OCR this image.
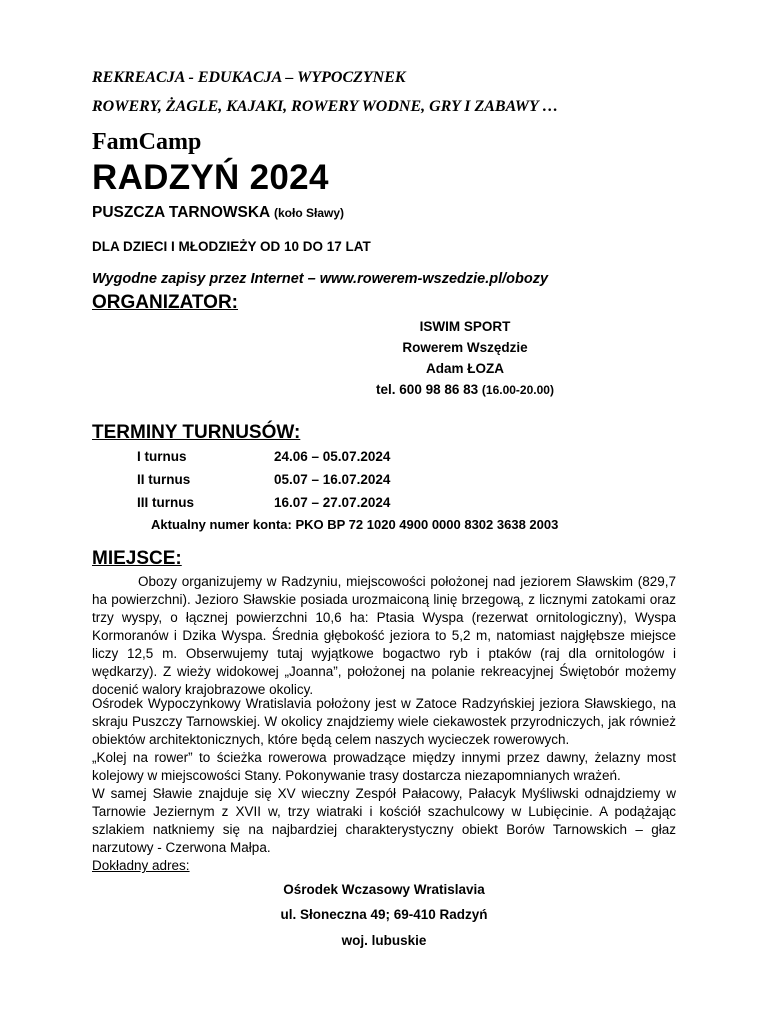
REKREACJA - EDUKACJA – WYPOCZYNEK
ROWERY, ŻAGLE, KAJAKI, ROWERY WODNE, GRY I ZABAWY …
FamCamp
RADZYŃ 2024
PUSZCZA TARNOWSKA (koło Sławy)
DLA DZIECI I MŁODZIEŻY OD 10 DO 17 LAT
Wygodne zapisy przez Internet – www.rowerem-wszedzie.pl/obozy
ORGANIZATOR:
ISWIM SPORT
Rowerem Wszędzie
Adam ŁOZA
tel. 600 98 86 83 (16.00-20.00)
TERMINY TURNUSÓW:
I turnus	24.06 – 05.07.2024
II turnus	05.07 – 16.07.2024
III turnus	16.07 – 27.07.2024
Aktualny numer konta: PKO BP 72 1020 4900 0000 8302 3638 2003
MIEJSCE:
Obozy organizujemy w Radzyniu, miejscowości położonej nad jeziorem Sławskim (829,7 ha powierzchni). Jezioro Sławskie posiada urozmaiconą linię brzegową, z licznymi zatokami oraz trzy wyspy, o łącznej powierzchni 10,6 ha: Ptasia Wyspa (rezerwat ornitologiczny), Wyspa Kormoranów i Dzika Wyspa. Średnia głębokość jeziora to 5,2 m, natomiast najgłębsze miejsce liczy 12,5 m. Obserwujemy tutaj wyjątkowe bogactwo ryb i ptaków (raj dla ornitologów i wędkarzy). Z wieży widokowej „Joanna”, położonej na polanie rekreacyjnej Świętobór możemy docenić walory krajobrazowe okolicy.
Ośrodek Wypoczynkowy Wratislavia położony jest w Zatoce Radzyńskiej jeziora Sławskiego, na skraju Puszczy Tarnowskiej. W okolicy znajdziemy wiele ciekawostek przyrodniczych, jak również obiektów architektonicznych, które będą celem naszych wycieczek rowerowych.
„Kolej na rower” to ścieżka rowerowa prowadzące między innymi przez dawny, żelazny most kolejowy w miejscowości Stany. Pokonywanie trasy dostarcza niezapomnianych wrażeń.
W samej Sławie znajduje się XV wieczny Zespół Pałacowy, Pałacyk Myśliwski odnajdziemy w Tarnowie Jeziernym z XVII w, trzy wiatraki i kościół szachulcowy w Lubięcinie. A podążając szlakiem natkniemy się na najbardziej charakterystyczny obiekt Borów Tarnowskich – głaz narzutowy - Czerwona Małpa.
Dokładny adres:
Ośrodek Wczasowy Wratislavia
ul. Słoneczna 49; 69-410 Radzyń
woj. lubuskie
